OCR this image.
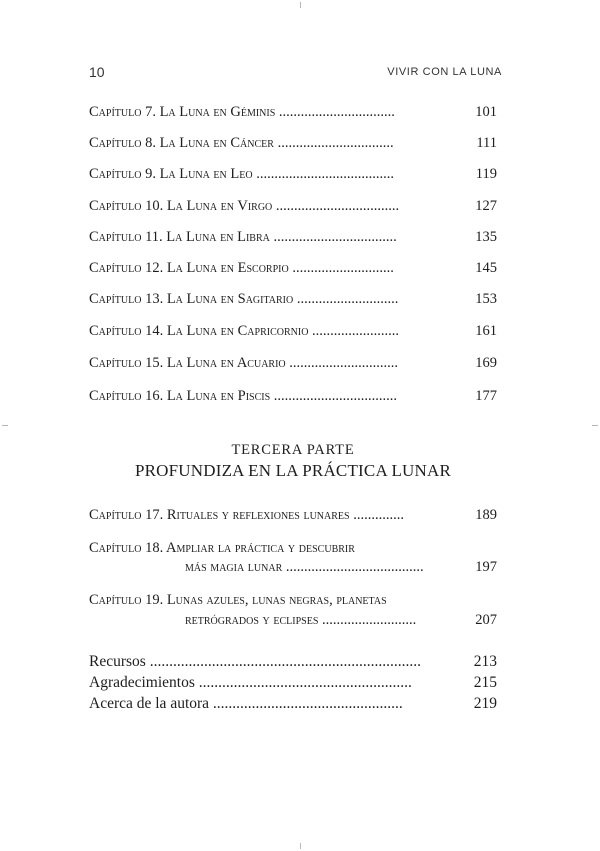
10	VIVIR CON LA LUNA
Capítulo 7. La Luna en Géminis ................................	101
Capítulo 8. La Luna en Cáncer ................................	111
Capítulo 9. La Luna en Leo ......................................	119
Capítulo 10. La Luna en Virgo ..................................	127
Capítulo 11. La Luna en Libra ..................................	135
Capítulo 12. La Luna en Escorpio ............................	145
Capítulo 13. La Luna en Sagitario ............................	153
Capítulo 14. La Luna en Capricornio ........................	161
Capítulo 15. La Luna en Acuario ..............................	169
Capítulo 16. La Luna en Piscis ..................................	177
TERCERA PARTE
PROFUNDIZA EN LA PRÁCTICA LUNAR
Capítulo 17. Rituales y reflexiones lunares ..............	189
Capítulo 18. Ampliar la práctica y descubrir
más magia lunar ......................................	197
Capítulo 19. Lunas azules, lunas negras, planetas
retrógrados y eclipses ..........................	207
Recursos ......................................................................	213
Agradecimientos .......................................................	215
Acerca de la autora .................................................	219
